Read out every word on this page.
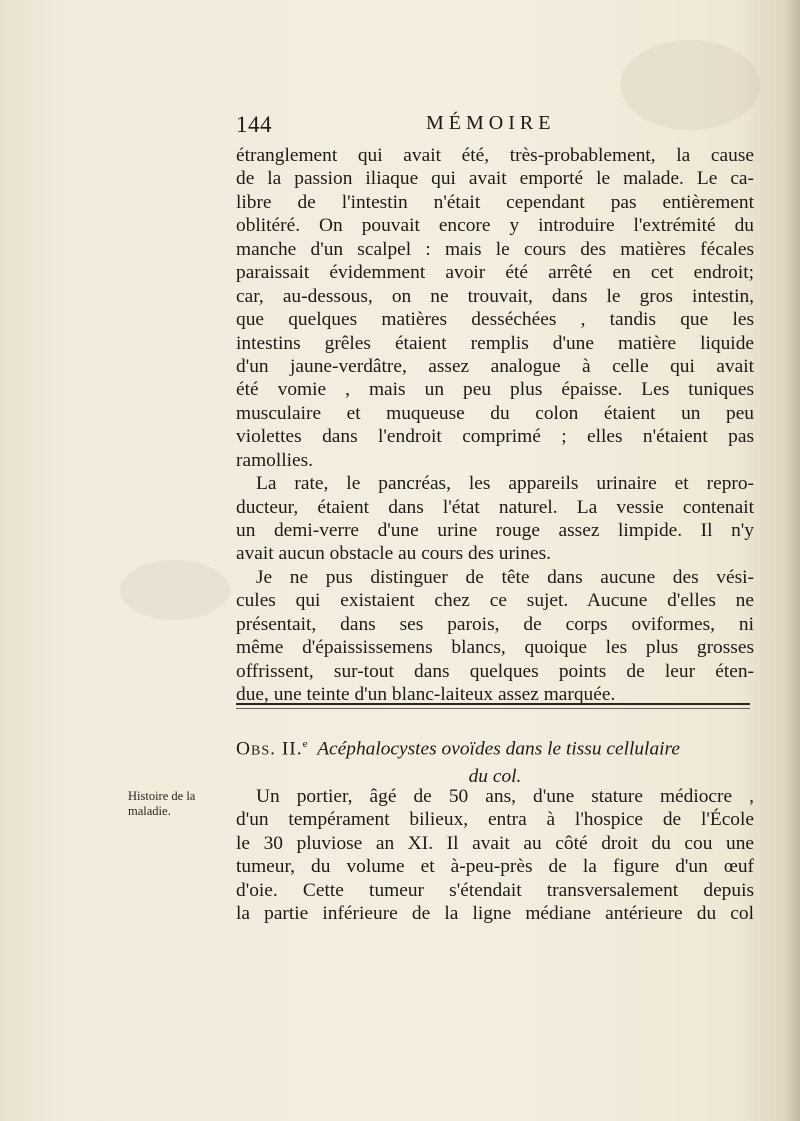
144	MÉMOIRE
étranglement qui avait été, très-probablement, la cause
de la passion iliaque qui avait emporté le malade. Le ca-
libre de l'intestin n'était cependant pas entièrement
oblitéré. On pouvait encore y introduire l'extrémité du
manche d'un scalpel : mais le cours des matières fécales
paraissait évidemment avoir été arrêté en cet endroit;
car, au-dessous, on ne trouvait, dans le gros intestin,
que quelques matières desséchées , tandis que les
intestins grêles étaient remplis d'une matière liquide
d'un jaune-verdâtre, assez analogue à celle qui avait
été vomie , mais un peu plus épaisse. Les tuniques
musculaire et muqueuse du colon étaient un peu
violettes dans l'endroit comprimé ; elles n'étaient pas
ramollies.
La rate, le pancréas, les appareils urinaire et repro-
ducteur, étaient dans l'état naturel. La vessie contenait
un demi-verre d'une urine rouge assez limpide. Il n'y
avait aucun obstacle au cours des urines.
Je ne pus distinguer de tête dans aucune des vési-
cules qui existaient chez ce sujet. Aucune d'elles ne
présentait, dans ses parois, de corps oviformes, ni
même d'épaississemens blancs, quoique les plus grosses
offrissent, sur-tout dans quelques points de leur éten-
due, une teinte d'un blanc-laiteux assez marquée.
Obs. II.$^e$ Acéphalocystes ovoïdes dans le tissu cellulaire
du col.
Histoire de la
maladie.
Un portier, âgé de 50 ans, d'une stature médiocre ,
d'un tempérament bilieux, entra à l'hospice de l'École
le 30 pluviose an XI. Il avait au côté droit du cou une
tumeur, du volume et à-peu-près de la figure d'un œuf
d'oie. Cette tumeur s'étendait transversalement depuis
la partie inférieure de la ligne médiane antérieure du col
